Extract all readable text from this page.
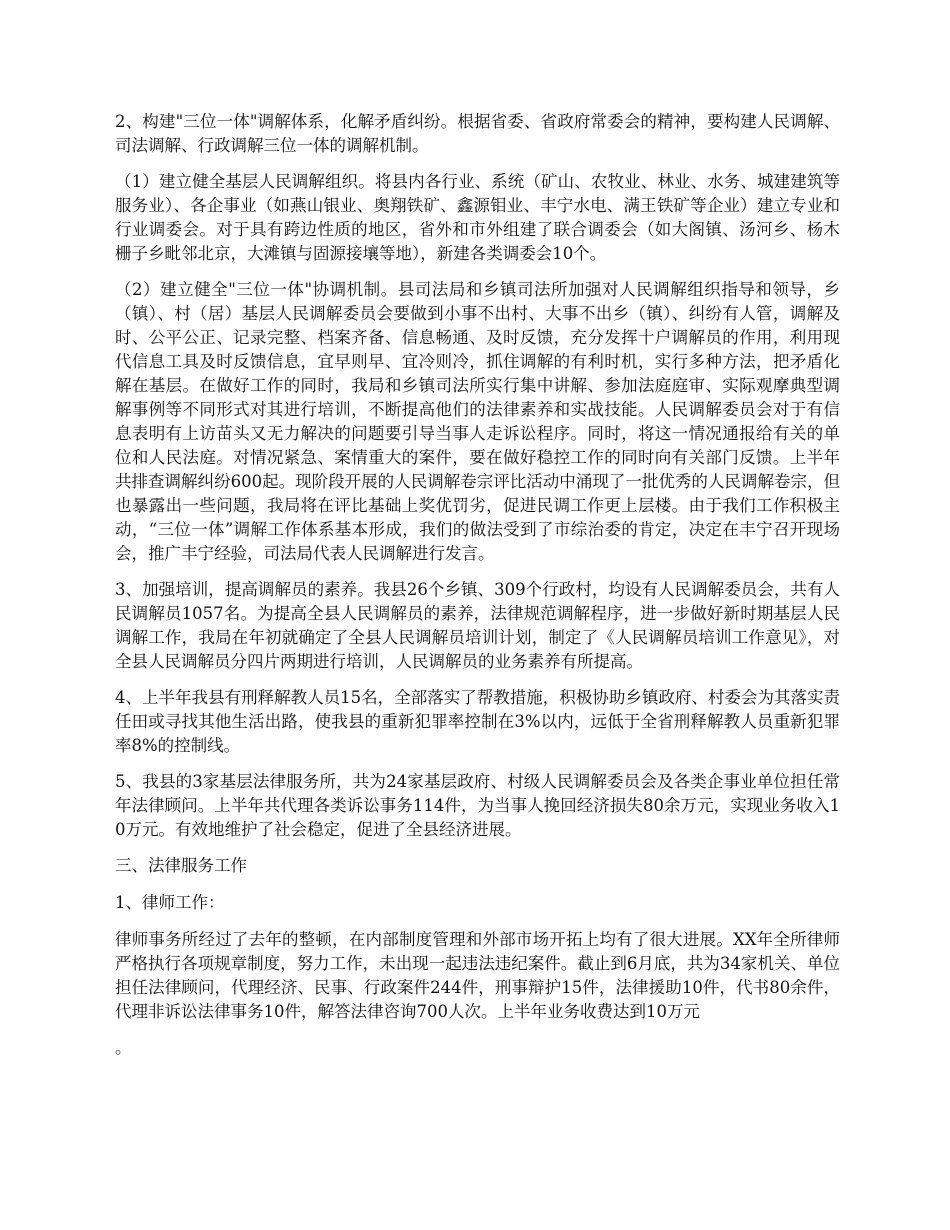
2、构建"三位一体"调解体系，化解矛盾纠纷。根据省委、省政府常委会的精神，要构建人民调解、司法调解、行政调解三位一体的调解机制。

（1）建立健全基层人民调解组织。将县内各行业、系统（矿山、农牧业、林业、水务、城建建筑等服务业）、各企事业（如燕山银业、奥翔铁矿、鑫源钼业、丰宁水电、满王铁矿等企业）建立专业和行业调委会。对于具有跨边性质的地区，省外和市外组建了联合调委会（如大阁镇、汤河乡、杨木栅子乡毗邻北京，大滩镇与固源接壤等地），新建各类调委会10个。

（2）建立健全"三位一体"协调机制。县司法局和乡镇司法所加强对人民调解组织指导和领导，乡（镇）、村（居）基层人民调解委员会要做到小事不出村、大事不出乡（镇）、纠纷有人管，调解及时、公平公正、记录完整、档案齐备、信息畅通、及时反馈，充分发挥十户调解员的作用，利用现代信息工具及时反馈信息，宜早则早、宜冷则冷，抓住调解的有利时机，实行多种方法，把矛盾化解在基层。在做好工作的同时，我局和乡镇司法所实行集中讲解、参加法庭庭审、实际观摩典型调解事例等不同形式对其进行培训，不断提高他们的法律素养和实战技能。人民调解委员会对于有信息表明有上访苗头又无力解决的问题要引导当事人走诉讼程序。同时，将这一情况通报给有关的单位和人民法庭。对情况紧急、案情重大的案件，要在做好稳控工作的同时向有关部门反馈。上半年共排查调解纠纷600起。现阶段开展的人民调解卷宗评比活动中涌现了一批优秀的人民调解卷宗，但也暴露出一些问题，我局将在评比基础上奖优罚劣，促进民调工作更上层楼。由于我们工作积极主动，“三位一体”调解工作体系基本形成，我们的做法受到了市综治委的肯定，决定在丰宁召开现场会，推广丰宁经验，司法局代表人民调解进行发言。

3、加强培训，提高调解员的素养。我县26个乡镇、309个行政村，均设有人民调解委员会，共有人民调解员1057名。为提高全县人民调解员的素养，法律规范调解程序，进一步做好新时期基层人民调解工作，我局在年初就确定了全县人民调解员培训计划，制定了《人民调解员培训工作意见》，对全县人民调解员分四片两期进行培训，人民调解员的业务素养有所提高。

4、上半年我县有刑释解教人员15名，全部落实了帮教措施，积极协助乡镇政府、村委会为其落实责任田或寻找其他生活出路，使我县的重新犯罪率控制在3%以内，远低于全省刑释解教人员重新犯罪率8%的控制线。

5、我县的3家基层法律服务所，共为24家基层政府、村级人民调解委员会及各类企事业单位担任常年法律顾问。上半年共代理各类诉讼事务114件，为当事人挽回经济损失80余万元，实现业务收入10万元。有效地维护了社会稳定，促进了全县经济进展。

三、法律服务工作

1、律师工作：

律师事务所经过了去年的整顿，在内部制度管理和外部市场开拓上均有了很大进展。XX年全所律师严格执行各项规章制度，努力工作，未出现一起违法违纪案件。截止到6月底，共为34家机关、单位担任法律顾问，代理经济、民事、行政案件244件，刑事辩护15件，法律援助10件，代书80余件，代理非诉讼法律事务10件，解答法律咨询700人次。上半年业务收费达到10万元

。
